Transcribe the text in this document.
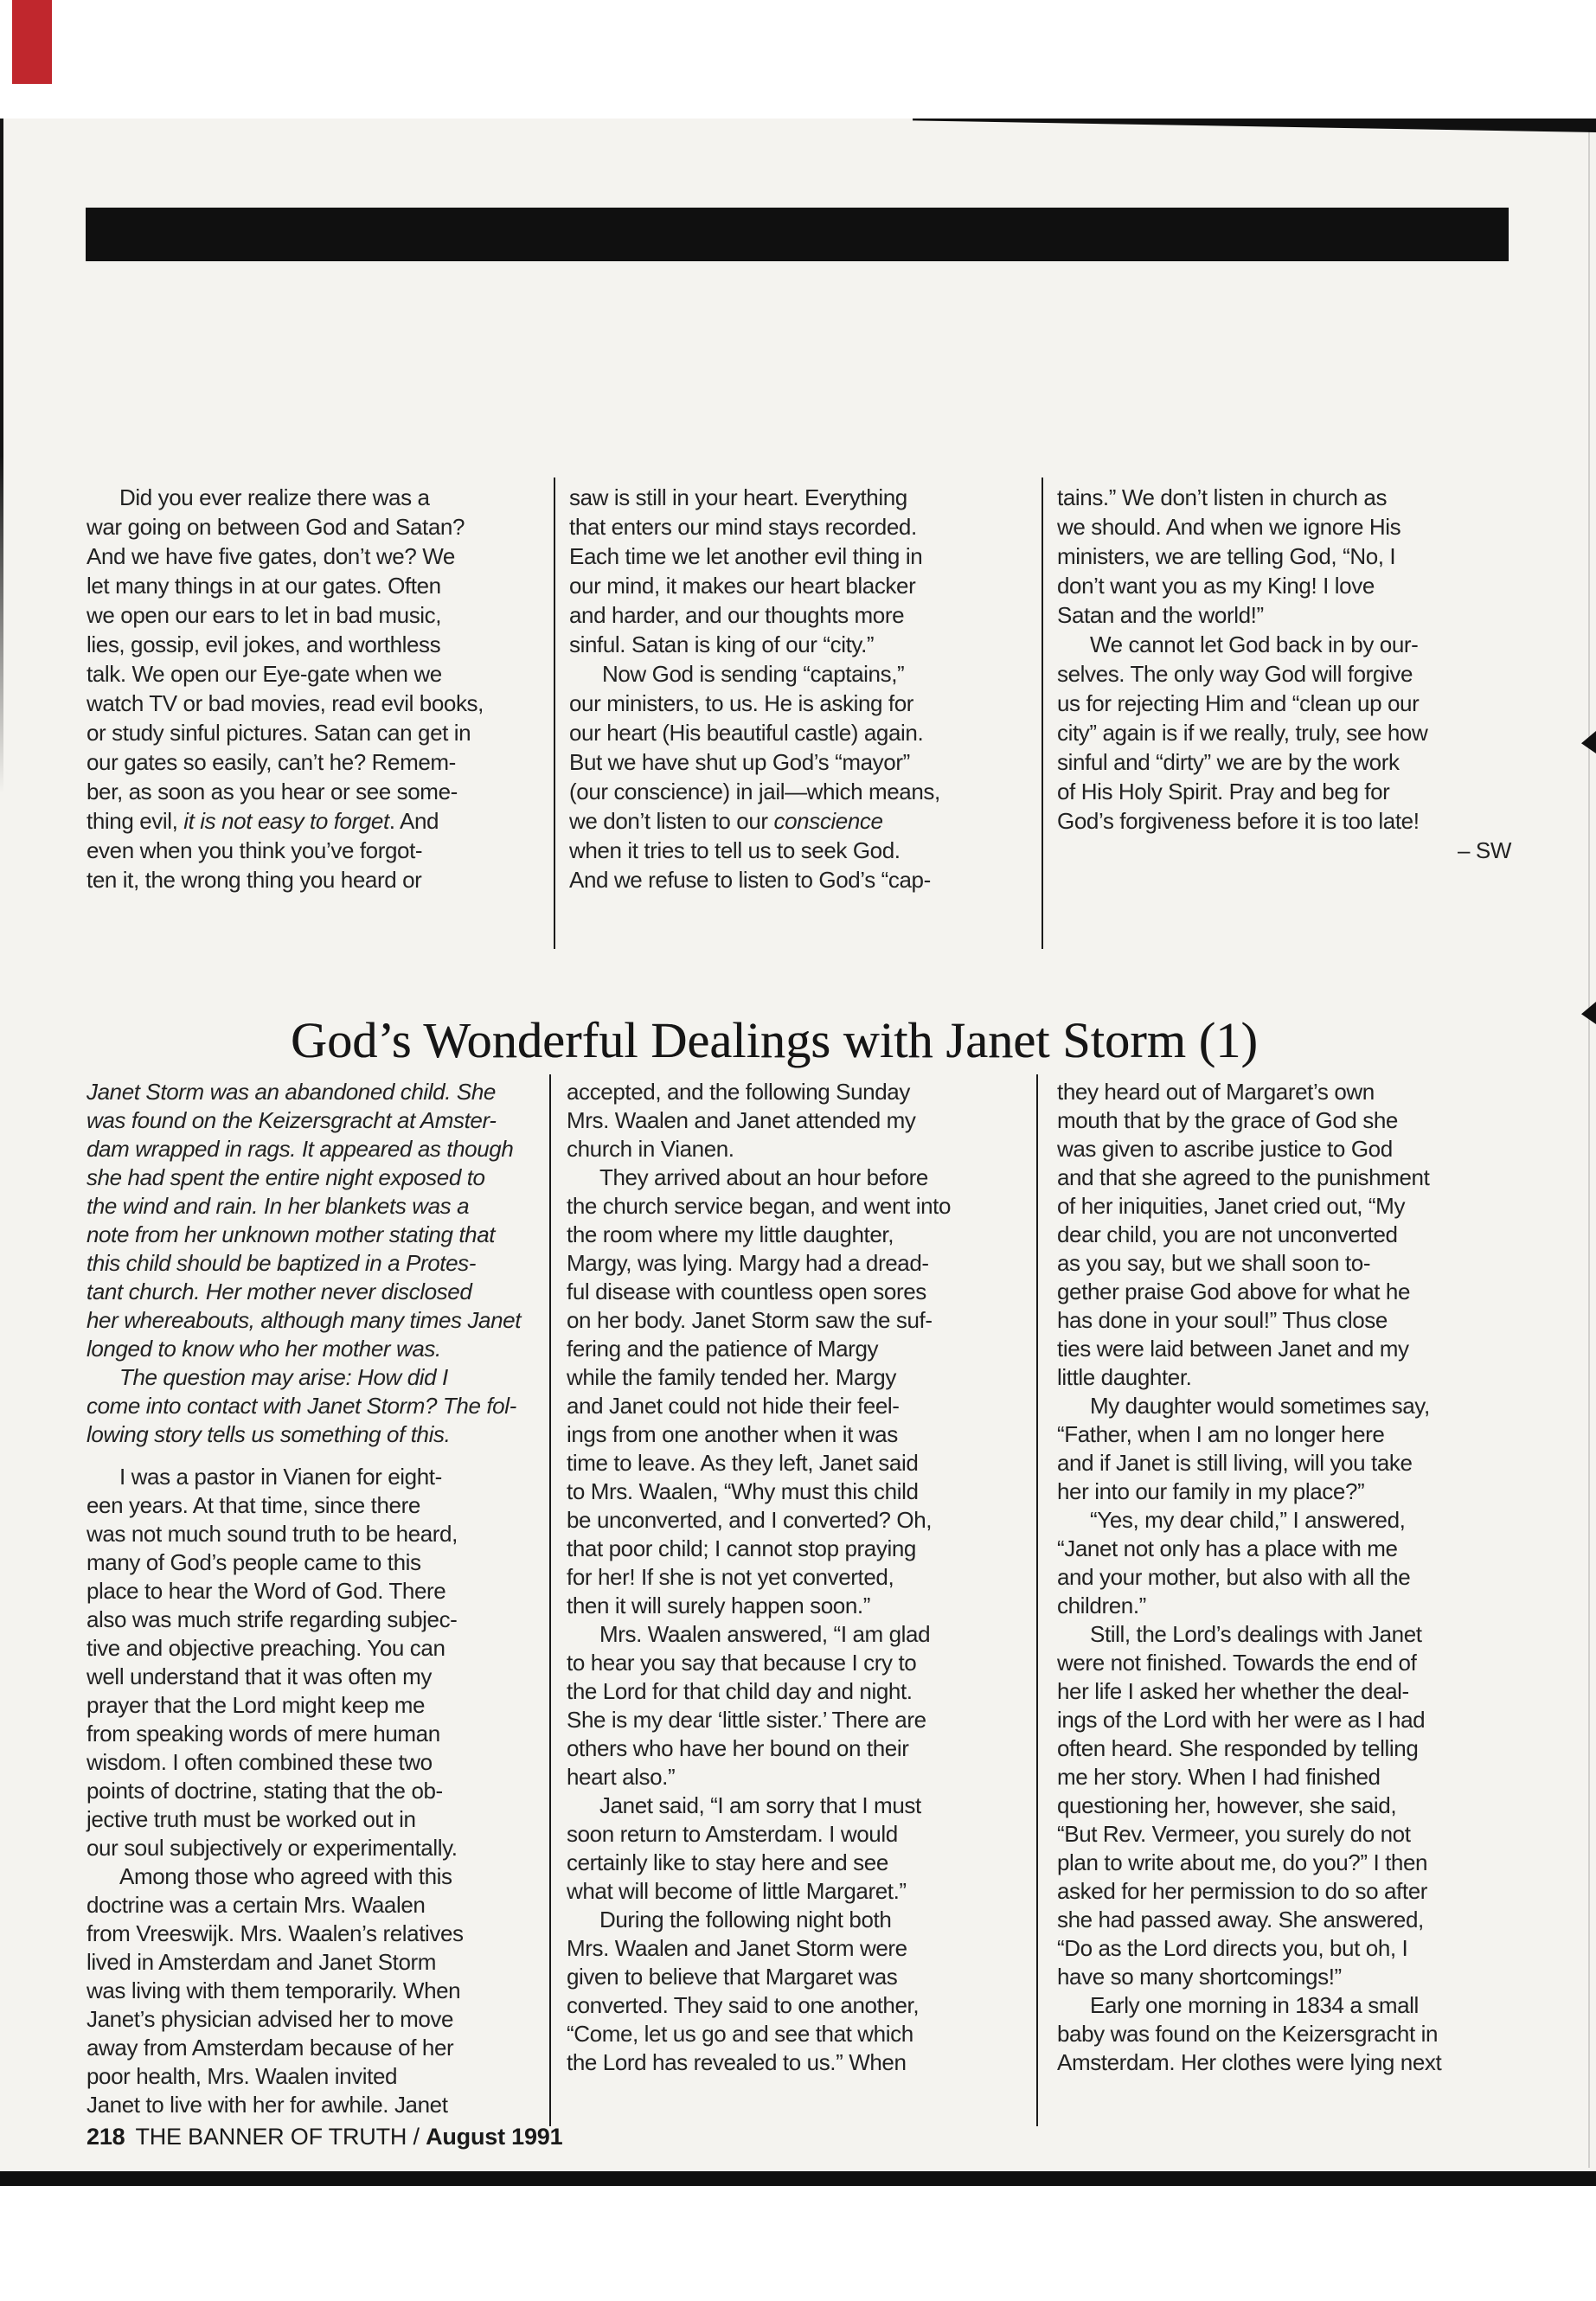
Did you ever realize there was a
war going on between God and Satan?
And we have five gates, don’t we? We
let many things in at our gates. Often
we open our ears to let in bad music,
lies, gossip, evil jokes, and worthless
talk. We open our Eye-gate when we
watch TV or bad movies, read evil books,
or study sinful pictures. Satan can get in
our gates so easily, can’t he? Remem-
ber, as soon as you hear or see some-
thing evil, it is not easy to forget. And
even when you think you’ve forgot-
ten it, the wrong thing you heard or
saw is still in your heart. Everything
that enters our mind stays recorded.
Each time we let another evil thing in
our mind, it makes our heart blacker
and harder, and our thoughts more
sinful. Satan is king of our “city.”
Now God is sending “captains,”
our ministers, to us. He is asking for
our heart (His beautiful castle) again.
But we have shut up God’s “mayor”
(our conscience) in jail—which means,
we don’t listen to our conscience
when it tries to tell us to seek God.
And we refuse to listen to God’s “cap-
tains.” We don’t listen in church as
we should. And when we ignore His
ministers, we are telling God, “No, I
don’t want you as my King! I love
Satan and the world!”
We cannot let God back in by our-
selves. The only way God will forgive
us for rejecting Him and “clean up our
city” again is if we really, truly, see how
sinful and “dirty” we are by the work
of His Holy Spirit. Pray and beg for
God’s forgiveness before it is too late!
– SW
God’s Wonderful Dealings with Janet Storm (1)
Janet Storm was an abandoned child. She
was found on the Keizersgracht at Amster-
dam wrapped in rags. It appeared as though
she had spent the entire night exposed to
the wind and rain. In her blankets was a
note from her unknown mother stating that
this child should be baptized in a Protes-
tant church. Her mother never disclosed
her whereabouts, although many times Janet
longed to know who her mother was.
The question may arise: How did I
come into contact with Janet Storm? The fol-
lowing story tells us something of this.
I was a pastor in Vianen for eight-
een years. At that time, since there
was not much sound truth to be heard,
many of God’s people came to this
place to hear the Word of God. There
also was much strife regarding subjec-
tive and objective preaching. You can
well understand that it was often my
prayer that the Lord might keep me
from speaking words of mere human
wisdom. I often combined these two
points of doctrine, stating that the ob-
jective truth must be worked out in
our soul subjectively or experimentally.
Among those who agreed with this
doctrine was a certain Mrs. Waalen
from Vreeswijk. Mrs. Waalen’s relatives
lived in Amsterdam and Janet Storm
was living with them temporarily. When
Janet’s physician advised her to move
away from Amsterdam because of her
poor health, Mrs. Waalen invited
Janet to live with her for awhile. Janet
accepted, and the following Sunday
Mrs. Waalen and Janet attended my
church in Vianen.
They arrived about an hour before
the church service began, and went into
the room where my little daughter,
Margy, was lying. Margy had a dread-
ful disease with countless open sores
on her body. Janet Storm saw the suf-
fering and the patience of Margy
while the family tended her. Margy
and Janet could not hide their feel-
ings from one another when it was
time to leave. As they left, Janet said
to Mrs. Waalen, “Why must this child
be unconverted, and I converted? Oh,
that poor child; I cannot stop praying
for her! If she is not yet converted,
then it will surely happen soon.”
Mrs. Waalen answered, “I am glad
to hear you say that because I cry to
the Lord for that child day and night.
She is my dear ‘little sister.’ There are
others who have her bound on their
heart also.”
Janet said, “I am sorry that I must
soon return to Amsterdam. I would
certainly like to stay here and see
what will become of little Margaret.”
During the following night both
Mrs. Waalen and Janet Storm were
given to believe that Margaret was
converted. They said to one another,
“Come, let us go and see that which
the Lord has revealed to us.” When
they heard out of Margaret’s own
mouth that by the grace of God she
was given to ascribe justice to God
and that she agreed to the punishment
of her iniquities, Janet cried out, “My
dear child, you are not unconverted
as you say, but we shall soon to-
gether praise God above for what he
has done in your soul!” Thus close
ties were laid between Janet and my
little daughter.
My daughter would sometimes say,
“Father, when I am no longer here
and if Janet is still living, will you take
her into our family in my place?”
“Yes, my dear child,” I answered,
“Janet not only has a place with me
and your mother, but also with all the
children.”
Still, the Lord’s dealings with Janet
were not finished. Towards the end of
her life I asked her whether the deal-
ings of the Lord with her were as I had
often heard. She responded by telling
me her story. When I had finished
questioning her, however, she said,
“But Rev. Vermeer, you surely do not
plan to write about me, do you?” I then
asked for her permission to do so after
she had passed away. She answered,
“Do as the Lord directs you, but oh, I
have so many shortcomings!”
Early one morning in 1834 a small
baby was found on the Keizersgracht in
Amsterdam. Her clothes were lying next
218 THE BANNER OF TRUTH / August 1991
